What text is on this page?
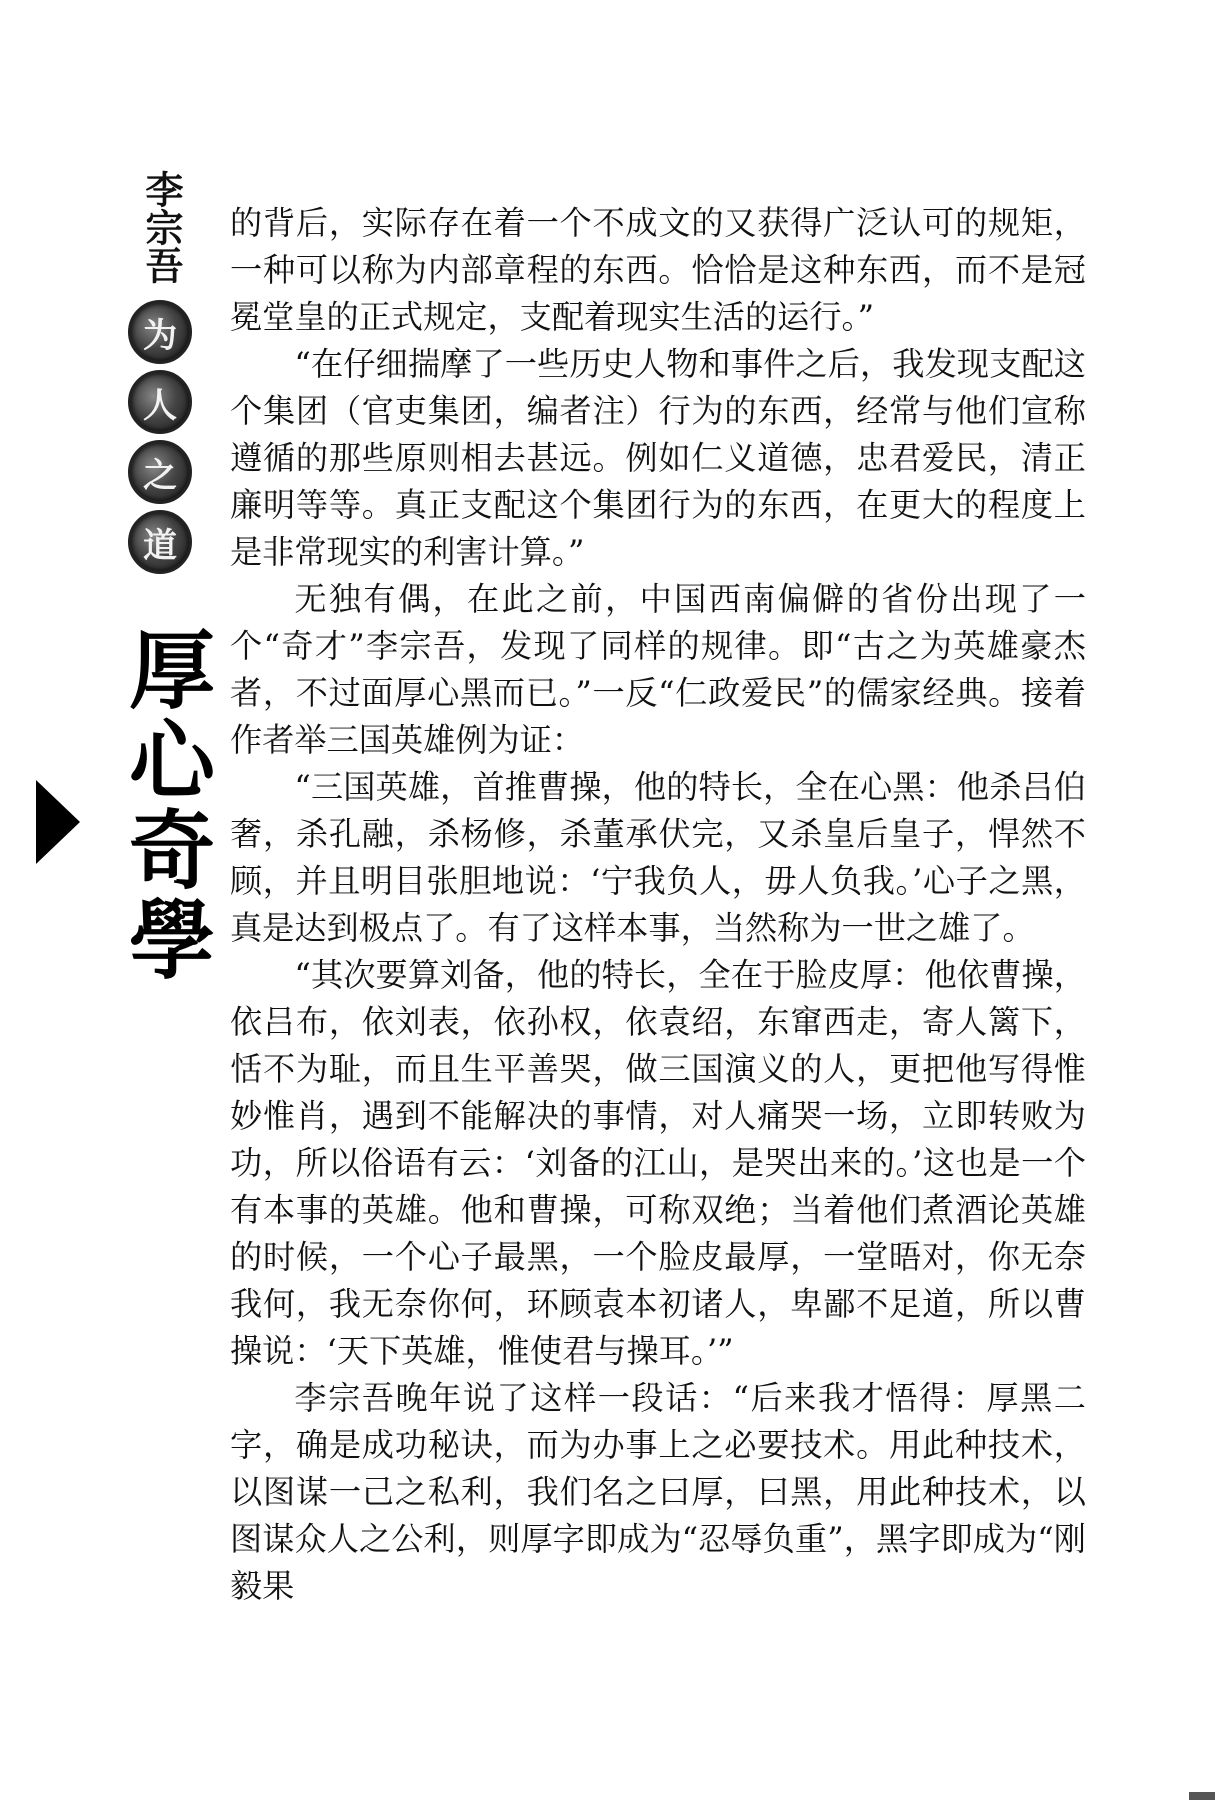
李宗吾
为
人
之
道
厚心奇學

的背后，实际存在着一个不成文的又获得广泛认可的规矩，一种可以称为内部章程的东西。恰恰是这种东西，而不是冠冕堂皇的正式规定，支配着现实生活的运行。”

“在仔细揣摩了一些历史人物和事件之后，我发现支配这个集团（官吏集团，编者注）行为的东西，经常与他们宣称遵循的那些原则相去甚远。例如仁义道德，忠君爱民，清正廉明等等。真正支配这个集团行为的东西，在更大的程度上是非常现实的利害计算。”

无独有偶，在此之前，中国西南偏僻的省份出现了一个“奇才”李宗吾，发现了同样的规律。即“古之为英雄豪杰者，不过面厚心黑而已。”一反“仁政爱民”的儒家经典。接着作者举三国英雄例为证：

“三国英雄，首推曹操，他的特长，全在心黑：他杀吕伯奢，杀孔融，杀杨修，杀董承伏完，又杀皇后皇子，悍然不顾，并且明目张胆地说：‘宁我负人，毋人负我。’心子之黑，真是达到极点了。有了这样本事，当然称为一世之雄了。

“其次要算刘备，他的特长，全在于脸皮厚：他依曹操，依吕布，依刘表，依孙权，依袁绍，东窜西走，寄人篱下，恬不为耻，而且生平善哭，做三国演义的人，更把他写得惟妙惟肖，遇到不能解决的事情，对人痛哭一场，立即转败为功，所以俗语有云：‘刘备的江山，是哭出来的。’这也是一个有本事的英雄。他和曹操，可称双绝；当着他们煮酒论英雄的时候，一个心子最黑，一个脸皮最厚，一堂晤对，你无奈我何，我无奈你何，环顾袁本初诸人，卑鄙不足道，所以曹操说：‘天下英雄，惟使君与操耳。’”

李宗吾晚年说了这样一段话：“后来我才悟得：厚黑二字，确是成功秘诀，而为办事上之必要技术。用此种技术，以图谋一己之私利，我们名之曰厚，曰黑，用此种技术，以图谋众人之公利，则厚字即成为“忍辱负重”，黑字即成为“刚毅果
